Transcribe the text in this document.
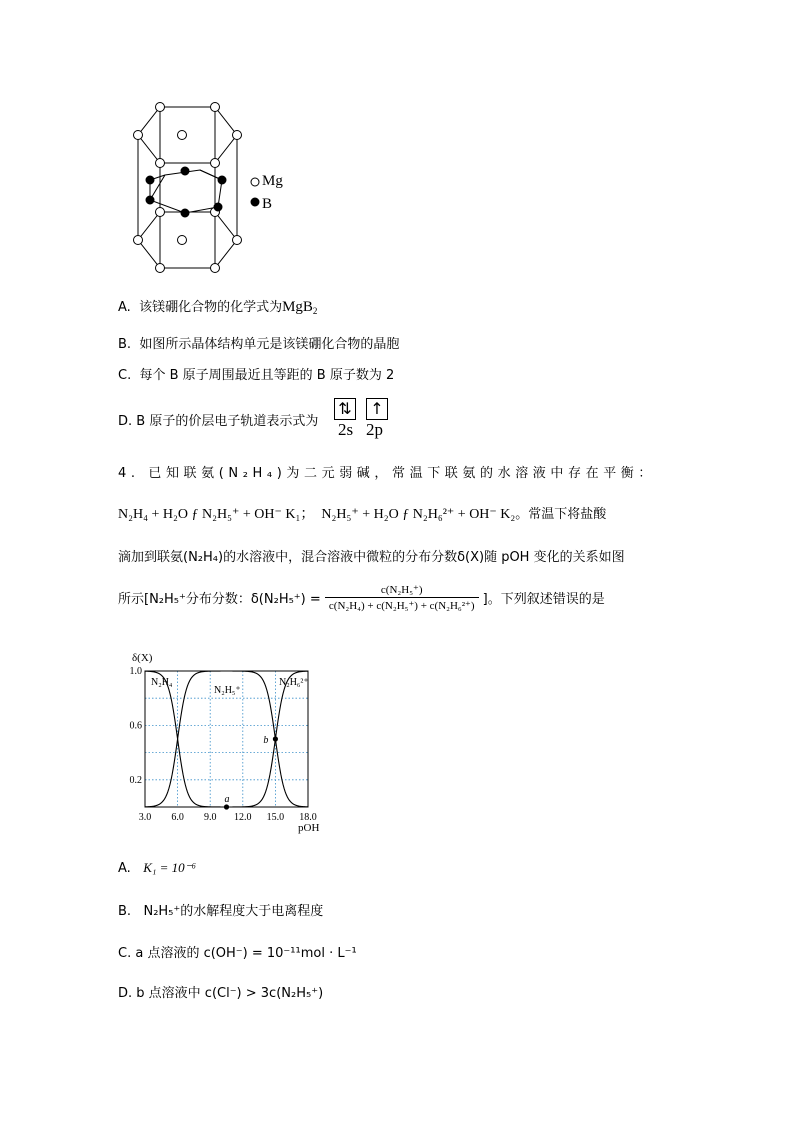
Mg
B
A. 该镁硼化合物的化学式为MgB$_2$
B. 如图所示晶体结构单元是该镁硼化合物的晶胞
C. 每个 B 原子周围最近且等距的 B 原子数为 2
D. B 原子的价层电子轨道表示式为
⇅ ↑
2s 2p
4. 已知联氨(N₂H₄)为二元弱碱，常温下联氨的水溶液中存在平衡：
N₂H₄ + H₂O ƒ N₂H₅⁺ + OH⁻ K₁； N₂H₅⁺ + H₂O ƒ N₂H₆²⁺ + OH⁻ K₂。常温下将盐酸
滴加到联氨(N₂H₄)的水溶液中，混合溶液中微粒的分布分数δ(X)随 pOH 变化的关系如图
所示[N₂H₅⁺分布分数：$\delta(N_2H_5^+) = \frac{\text{c(N₂H₅⁺)}}{\text{c(N₂H₄) + c(N₂H₅⁺) + c(N₂H₆²⁺)}}$ ]。下列叙述错误的是
δ(X)
pOH
3.0 6.0 9.0 12.0 15.0 18.0
0.2
0.6
1.0
N₂H₄
N₂H₅⁺
N₂H₆²⁺
a
b
A. K₁ = 10⁻⁶
B. N₂H₅⁺的水解程度大于电离程度
C. a 点溶液的 c(OH⁻) = 10⁻¹¹mol · L⁻¹
D. b 点溶液中 c(Cl⁻) > 3c(N₂H₅⁺)
